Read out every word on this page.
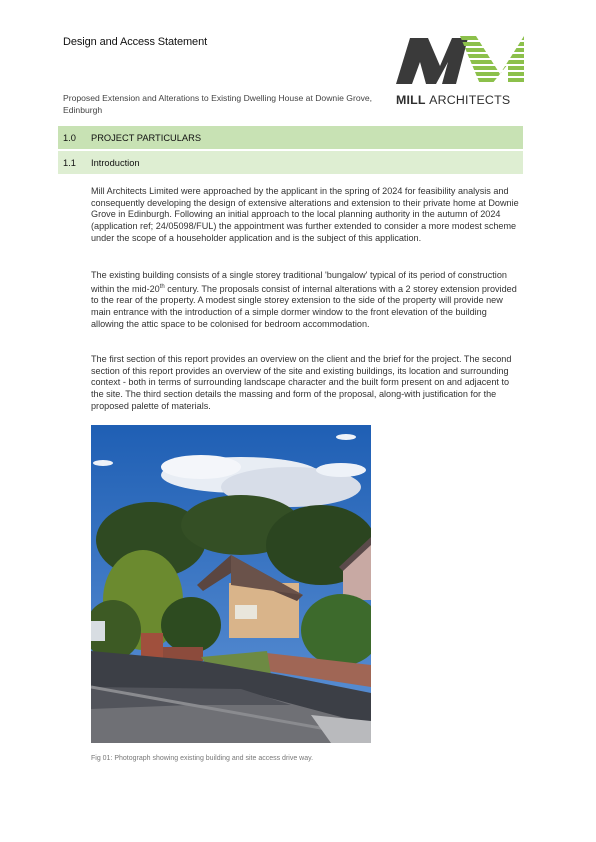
Design and Access Statement
Proposed Extension and Alterations to Existing Dwelling House at Downie Grove, Edinburgh
MILL ARCHITECTS
1.0	PROJECT PARTICULARS
1.1	Introduction
Mill Architects Limited were approached by the applicant in the spring of 2024 for feasibility analysis and consequently developing the design of extensive alterations and extension to their private home at Downie Grove in Edinburgh. Following an initial approach to the local planning authority in the autumn of 2024 (application ref; 24/05098/FUL) the appointment was further extended to consider a more modest scheme under the scope of a householder application and is the subject of this application.
The existing building consists of a single storey traditional 'bungalow' typical of its period of construction within the mid-20th century. The proposals consist of internal alterations with a 2 storey extension provided to the rear of the property. A modest single storey extension to the side of the property will provide new main entrance with the introduction of a simple dormer window to the front elevation of the building allowing the attic space to be colonised for bedroom accommodation.
The first section of this report provides an overview on the client and the brief for the project. The second section of this report provides an overview of the site and existing buildings, its location and surrounding context - both in terms of surrounding landscape character and the built form present on and adjacent to the site. The third section details the massing and form of the proposal, along-with justification for the proposed palette of materials.
Fig 01: Photograph showing existing building and site access drive way.
